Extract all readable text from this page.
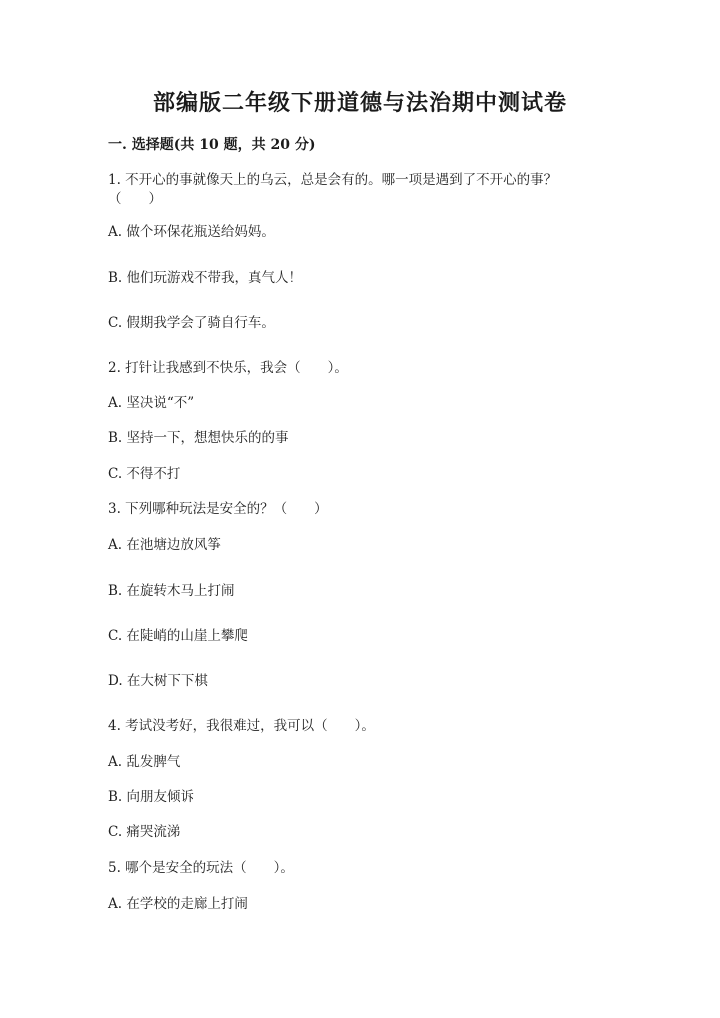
部编版二年级下册道德与法治期中测试卷
一. 选择题(共 10 题，共 20 分)
1. 不开心的事就像天上的乌云，总是会有的。哪一项是遇到了不开心的事？
（　　）
A. 做个环保花瓶送给妈妈。
B. 他们玩游戏不带我，真气人！
C. 假期我学会了骑自行车。
2. 打针让我感到不快乐，我会（　　）。
A. 坚决说“不”
B. 坚持一下，想想快乐的的事
C. 不得不打
3. 下列哪种玩法是安全的？（　　）
A. 在池塘边放风筝
B. 在旋转木马上打闹
C. 在陡峭的山崖上攀爬
D. 在大树下下棋
4. 考试没考好，我很难过，我可以（　　）。
A. 乱发脾气
B. 向朋友倾诉
C. 痛哭流涕
5. 哪个是安全的玩法（　　）。
A. 在学校的走廊上打闹
